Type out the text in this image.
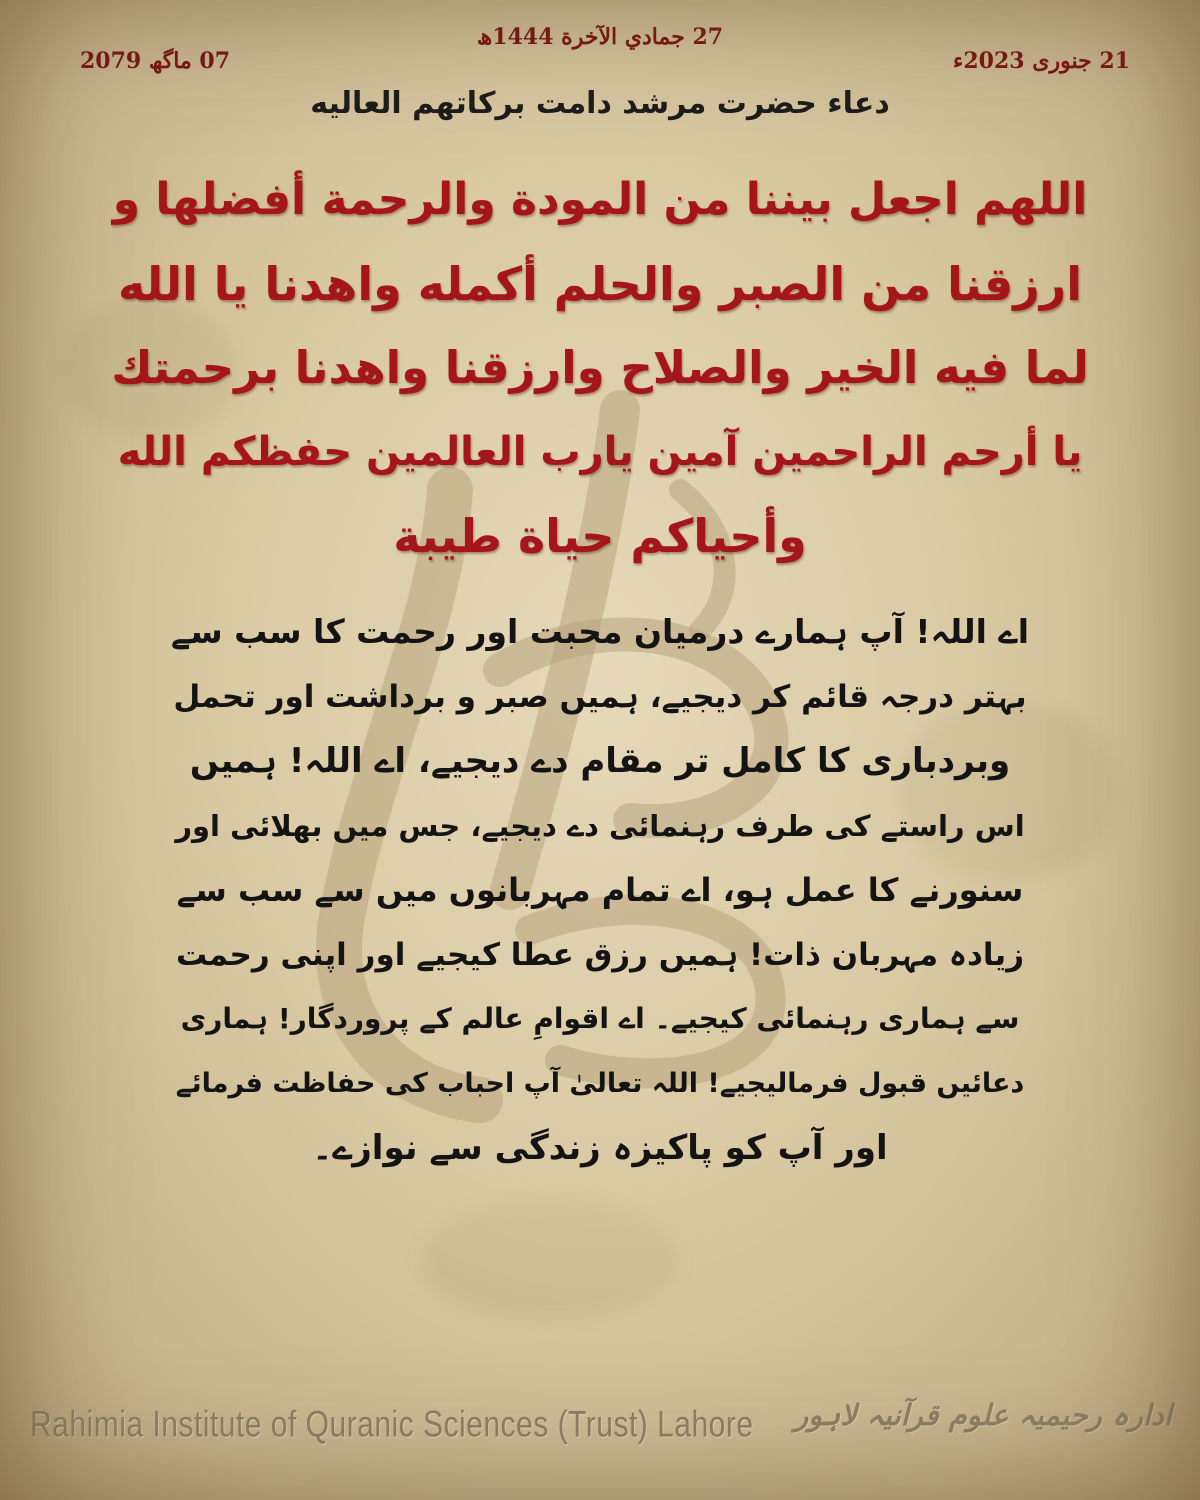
27 جمادي الآخرة 1444ھ
21 جنوری 2023ء
07 ماگھ 2079
دعاء حضرت مرشد دامت برکاتھم العالیه
اللهم اجعل بيننا من المودة والرحمة أفضلها و
ارزقنا من الصبر والحلم أكمله واهدنا يا الله
لما فيه الخير والصلاح وارزقنا واهدنا برحمتك
يا أرحم الراحمين آمين يارب العالمين حفظكم الله
وأحياكم حياة طيبة
اے اللہ! آپ ہمارے درمیان محبت اور رحمت کا سب سے
بہتر درجہ قائم کر دیجیے، ہمیں صبر و برداشت اور تحمل
وبردباری کا کامل تر مقام دے دیجیے، اے اللہ! ہمیں
اس راستے کی طرف رہنمائی دے دیجیے، جس میں بھلائی اور
سنورنے کا عمل ہو، اے تمام مہربانوں میں سے سب سے
زیادہ مہربان ذات! ہمیں رزق عطا کیجیے اور اپنی رحمت
سے ہماری رہنمائی کیجیے۔ اے اقوامِ عالم کے پروردگار! ہماری
دعائیں قبول فرمالیجیے! اللہ تعالیٰ آپ احباب کی حفاظت فرمائے
اور آپ کو پاکیزہ زندگی سے نوازے۔
Rahimia Institute of Quranic Sciences (Trust) Lahore ادارہ رحیمیہ علوم قرآنیہ لاہور
